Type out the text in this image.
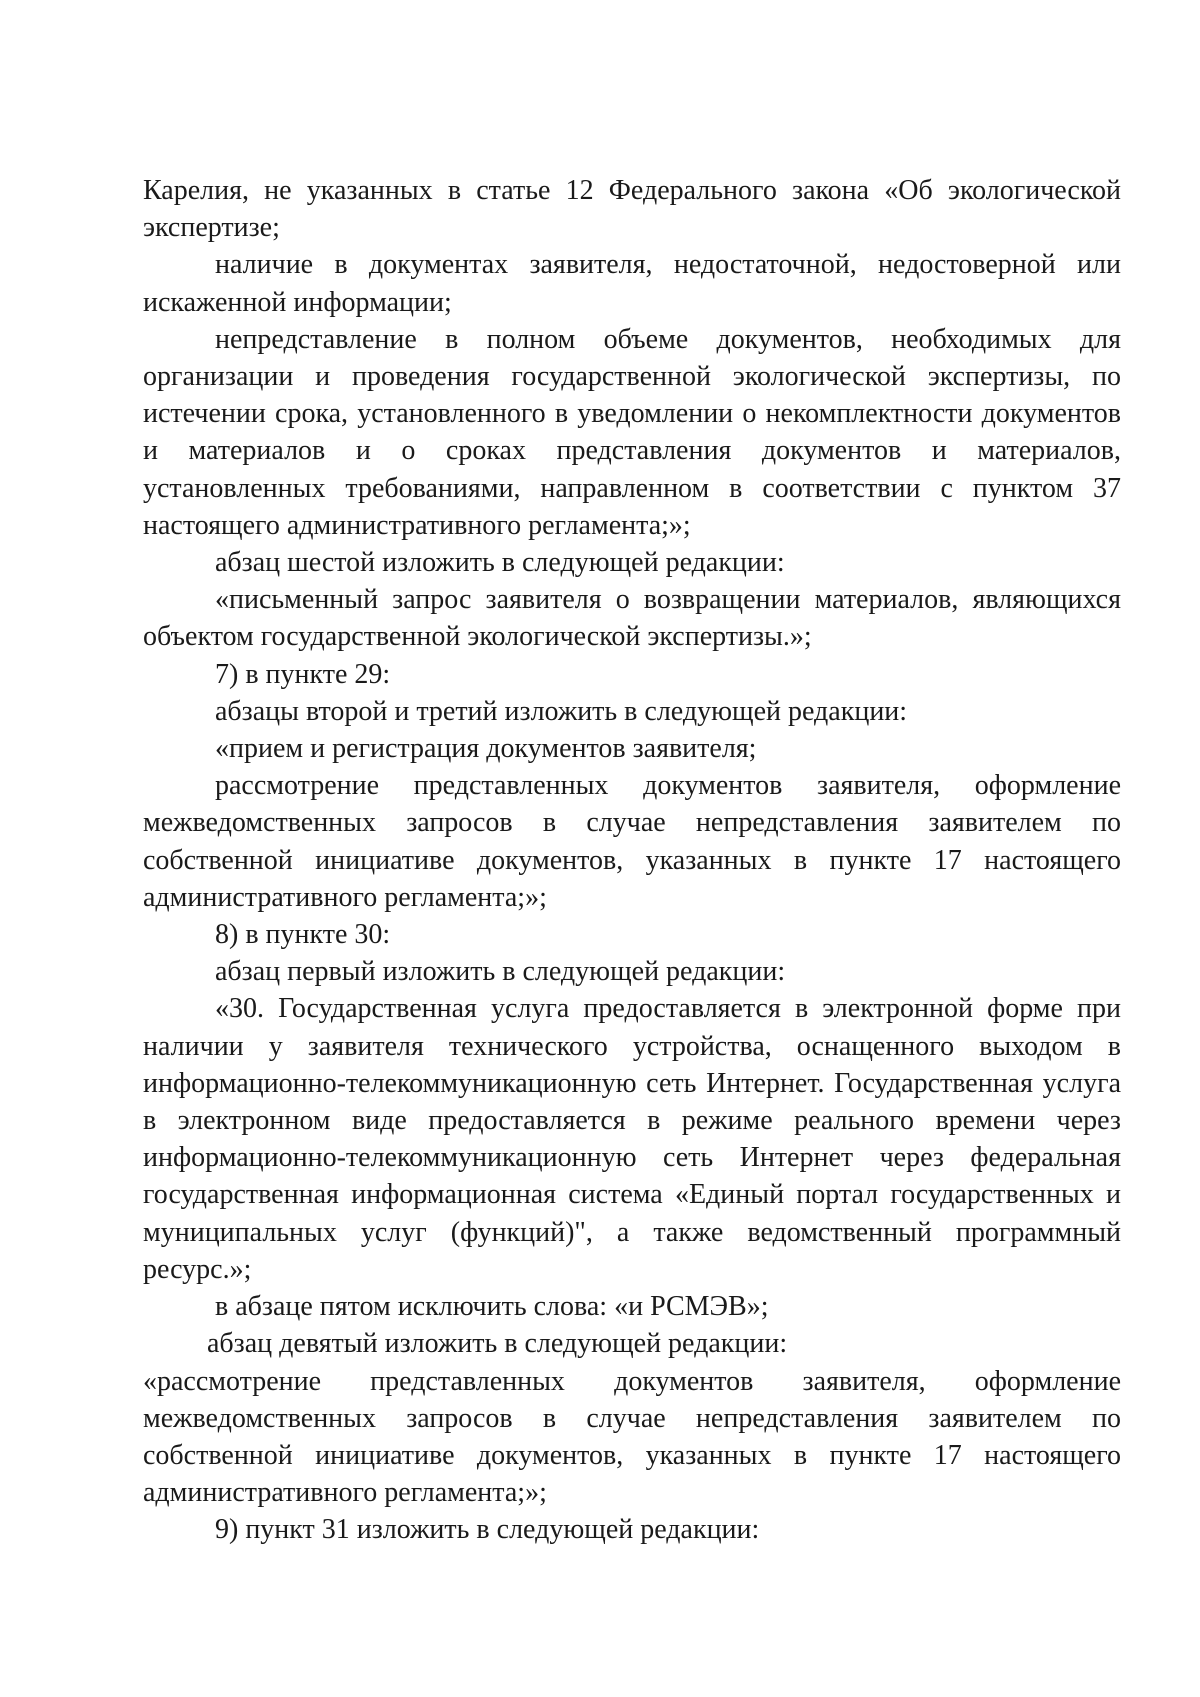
Карелия, не указанных в статье 12 Федерального закона «Об экологической экспертизе;

наличие в документах заявителя, недостаточной, недостоверной или искаженной информации;

непредставление в полном объеме документов, необходимых для организации и проведения государственной экологической экспертизы, по истечении срока, установленного в уведомлении о некомплектности документов и материалов и о сроках представления документов и материалов, установленных требованиями, направленном в соответствии с пунктом 37 настоящего административного регламента;»;

абзац шестой изложить в следующей редакции:

«письменный запрос заявителя о возвращении материалов, являющихся объектом государственной экологической экспертизы.»;

7) в пункте 29:

абзацы второй и третий изложить в следующей редакции:

«прием и регистрация документов заявителя;

рассмотрение представленных документов заявителя, оформление межведомственных запросов в случае непредставления заявителем по собственной инициативе документов, указанных в пункте 17 настоящего административного регламента;»;

8) в пункте 30:

абзац первый изложить в следующей редакции:

«30. Государственная услуга предоставляется в электронной форме при наличии у заявителя технического устройства, оснащенного выходом в информационно-телекоммуникационную сеть Интернет. Государственная услуга в электронном виде предоставляется в режиме реального времени через информационно-телекоммуникационную сеть Интернет через федеральная государственная информационная система «Единый портал государственных и муниципальных услуг (функций)", а также ведомственный программный ресурс.»;

в абзаце пятом исключить слова: «и РСМЭВ»;

абзац девятый изложить в следующей редакции:

«рассмотрение представленных документов заявителя, оформление межведомственных запросов в случае непредставления заявителем по собственной инициативе документов, указанных в пункте 17 настоящего административного регламента;»;

9) пункт 31 изложить в следующей редакции:
